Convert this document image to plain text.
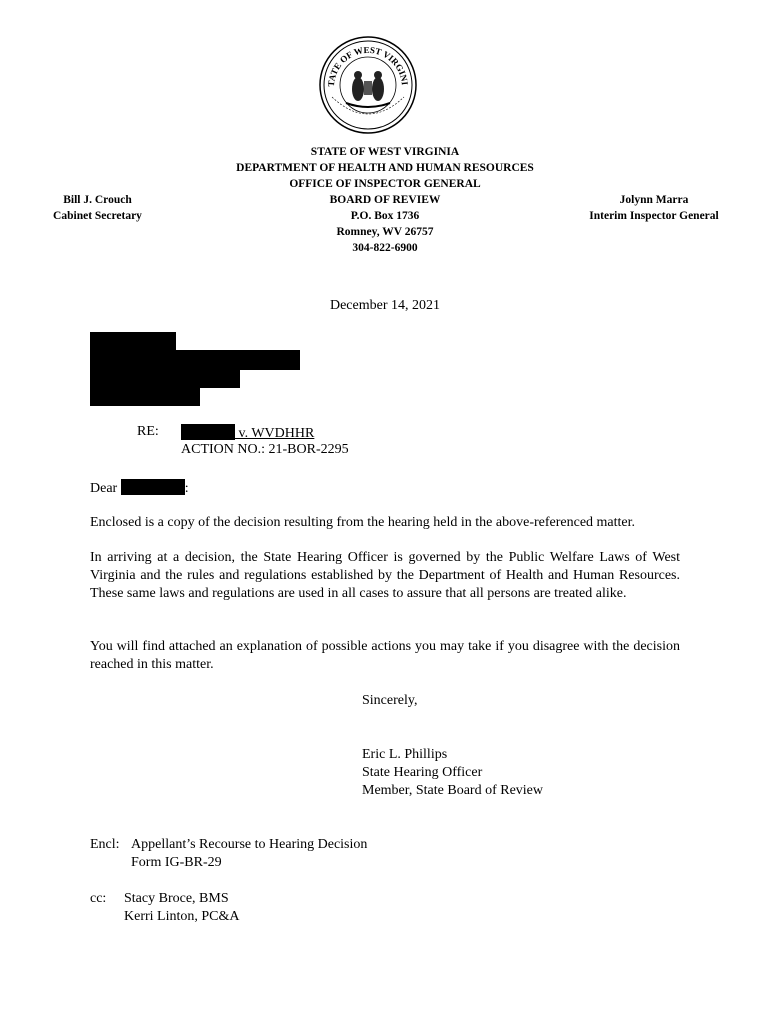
TATE OF WEST VIRGINI
STATE OF WEST VIRGINIA
DEPARTMENT OF HEALTH AND HUMAN RESOURCES
OFFICE OF INSPECTOR GENERAL
BOARD OF REVIEW
P.O. Box 1736
Romney, WV 26757
304-822-6900
Bill J. Crouch
Cabinet Secretary
Jolynn Marra
Interim Inspector General
December 14, 2021
RE:	v. WVDHHR
ACTION NO.: 21-BOR-2295
Dear	:
Enclosed is a copy of the decision resulting from the hearing held in the above-referenced matter.
In arriving at a decision, the State Hearing Officer is governed by the Public Welfare Laws of West Virginia and the rules and regulations established by the Department of Health and Human Resources. These same laws and regulations are used in all cases to assure that all persons are treated alike.
You will find attached an explanation of possible actions you may take if you disagree with the decision reached in this matter.
Sincerely,
Eric L. Phillips
State Hearing Officer
Member, State Board of Review
Encl: Appellant’s Recourse to Hearing Decision
Form IG-BR-29
cc: Stacy Broce, BMS
Kerri Linton, PC&A
